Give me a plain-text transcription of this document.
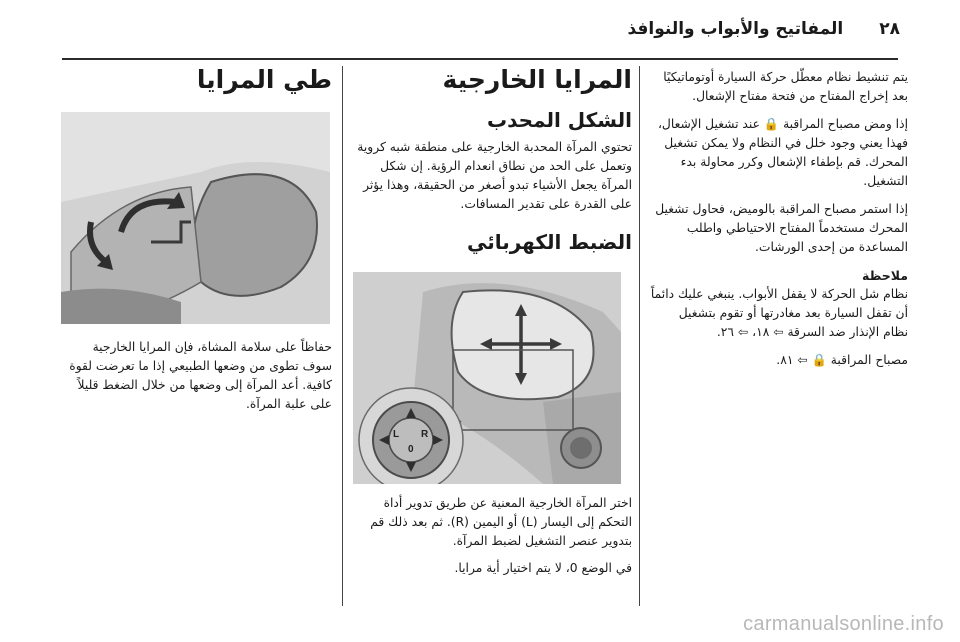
٢٨
المفاتيح والأبواب والنوافذ

يتم تنشيط نظام معطّل حركة السيارة أوتوماتيكيًا بعد إخراج المفتاح من فتحة مفتاح الإشعال.

إذا ومض مصباح المراقبة 🔒 عند تشغيل الإشعال، فهذا يعني وجود خلل في النظام ولا يمكن تشغيل المحرك. قم بإطفاء الإشعال وكرر محاولة بدء التشغيل.

إذا استمر مصباح المراقبة بالوميض، فحاول تشغيل المحرك مستخدماً المفتاح الاحتياطي واطلب المساعدة من إحدى الورشات.

ملاحظة

نظام شل الحركة لا يقفل الأبواب. ينبغي عليك دائماً أن تقفل السيارة بعد مغادرتها أو تقوم بتشغيل نظام الإنذار ضد السرقة ⇦ ١٨، ⇦ ٢٦.

مصباح المراقبة 🔒 ⇦ ٨١.

المرايا الخارجية

الشكل المحدب

تحتوي المرآة المحدبة الخارجية على منطقة شبه كروية وتعمل على الحد من نطاق انعدام الرؤية. إن شكل المرآة يجعل الأشياء تبدو أصغر من الحقيقة، وهذا يؤثر على القدرة على تقدير المسافات.

الضبط الكهربائي

L R
0

اختر المرآة الخارجية المعنية عن طريق تدوير أداة التحكم إلى اليسار (L) أو اليمين (R). ثم بعد ذلك قم بتدوير عنصر التشغيل لضبط المرآة.

في الوضع 0، لا يتم اختيار أية مرايا.

طي المرايا

حفاظاً على سلامة المشاة، فإن المرايا الخارجية سوف تطوى من وضعها الطبيعي إذا ما تعرضت لقوة كافية. أعد المرآة إلى وضعها من خلال الضغط قليلاً على علبة المرآة.

carmanualsonline.info
